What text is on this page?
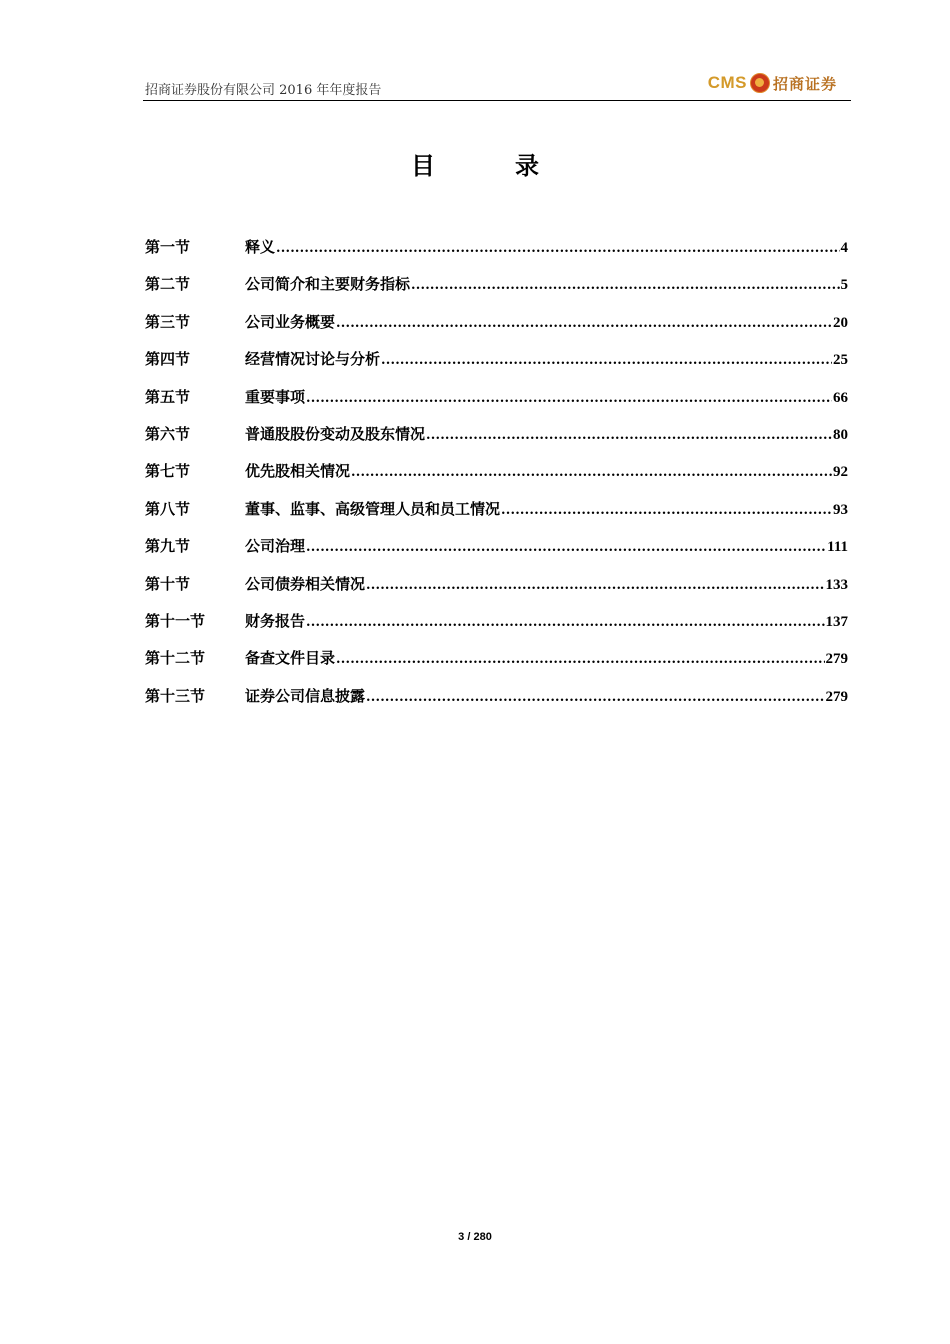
招商证券股份有限公司 2016 年年度报告	CMS 招商证券
目录
第一节	释义 .....	4
第二节	公司简介和主要财务指标 .....	5
第三节	公司业务概要 .....	20
第四节	经营情况讨论与分析 .....	25
第五节	重要事项 .....	66
第六节	普通股股份变动及股东情况 .....	80
第七节	优先股相关情况 .....	92
第八节	董事、监事、高级管理人员和员工情况 .....	93
第九节	公司治理 .....	111
第十节	公司债券相关情况 .....	133
第十一节	财务报告 .....	137
第十二节	备查文件目录 .....	279
第十三节	证券公司信息披露 .....	279
3 / 280
